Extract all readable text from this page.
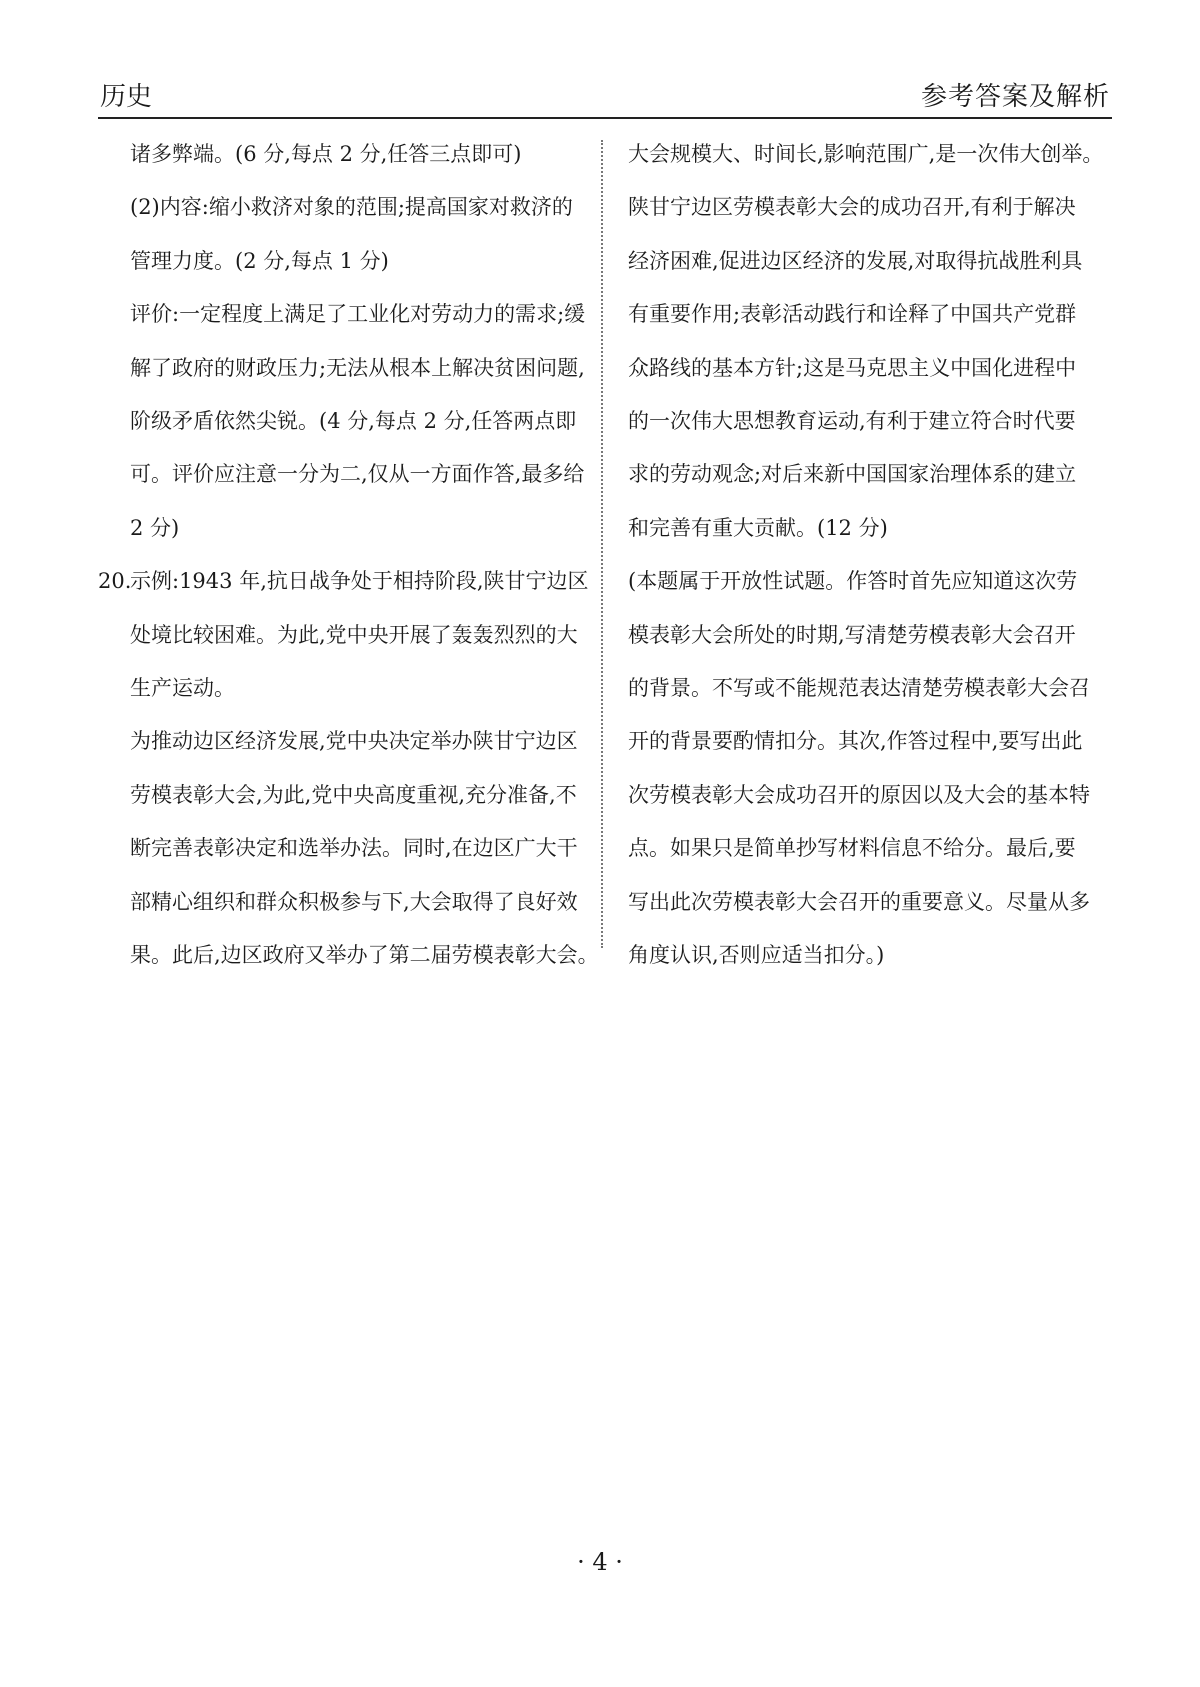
历史	参考答案及解析
诸多弊端。(6 分,每点 2 分,任答三点即可)
(2)内容:缩小救济对象的范围;提高国家对救济的
管理力度。(2 分,每点 1 分)
评价:一定程度上满足了工业化对劳动力的需求;缓
解了政府的财政压力;无法从根本上解决贫困问题,
阶级矛盾依然尖锐。(4 分,每点 2 分,任答两点即
可。评价应注意一分为二,仅从一方面作答,最多给
2 分)
20.示例:1943 年,抗日战争处于相持阶段,陕甘宁边区
处境比较困难。为此,党中央开展了轰轰烈烈的大
生产运动。
为推动边区经济发展,党中央决定举办陕甘宁边区
劳模表彰大会,为此,党中央高度重视,充分准备,不
断完善表彰决定和选举办法。同时,在边区广大干
部精心组织和群众积极参与下,大会取得了良好效
果。此后,边区政府又举办了第二届劳模表彰大会。
大会规模大、时间长,影响范围广,是一次伟大创举。
陕甘宁边区劳模表彰大会的成功召开,有利于解决
经济困难,促进边区经济的发展,对取得抗战胜利具
有重要作用;表彰活动践行和诠释了中国共产党群
众路线的基本方针;这是马克思主义中国化进程中
的一次伟大思想教育运动,有利于建立符合时代要
求的劳动观念;对后来新中国国家治理体系的建立
和完善有重大贡献。(12 分)
(本题属于开放性试题。作答时首先应知道这次劳
模表彰大会所处的时期,写清楚劳模表彰大会召开
的背景。不写或不能规范表达清楚劳模表彰大会召
开的背景要酌情扣分。其次,作答过程中,要写出此
次劳模表彰大会成功召开的原因以及大会的基本特
点。如果只是简单抄写材料信息不给分。最后,要
写出此次劳模表彰大会召开的重要意义。尽量从多
角度认识,否则应适当扣分。)
· 4 ·
